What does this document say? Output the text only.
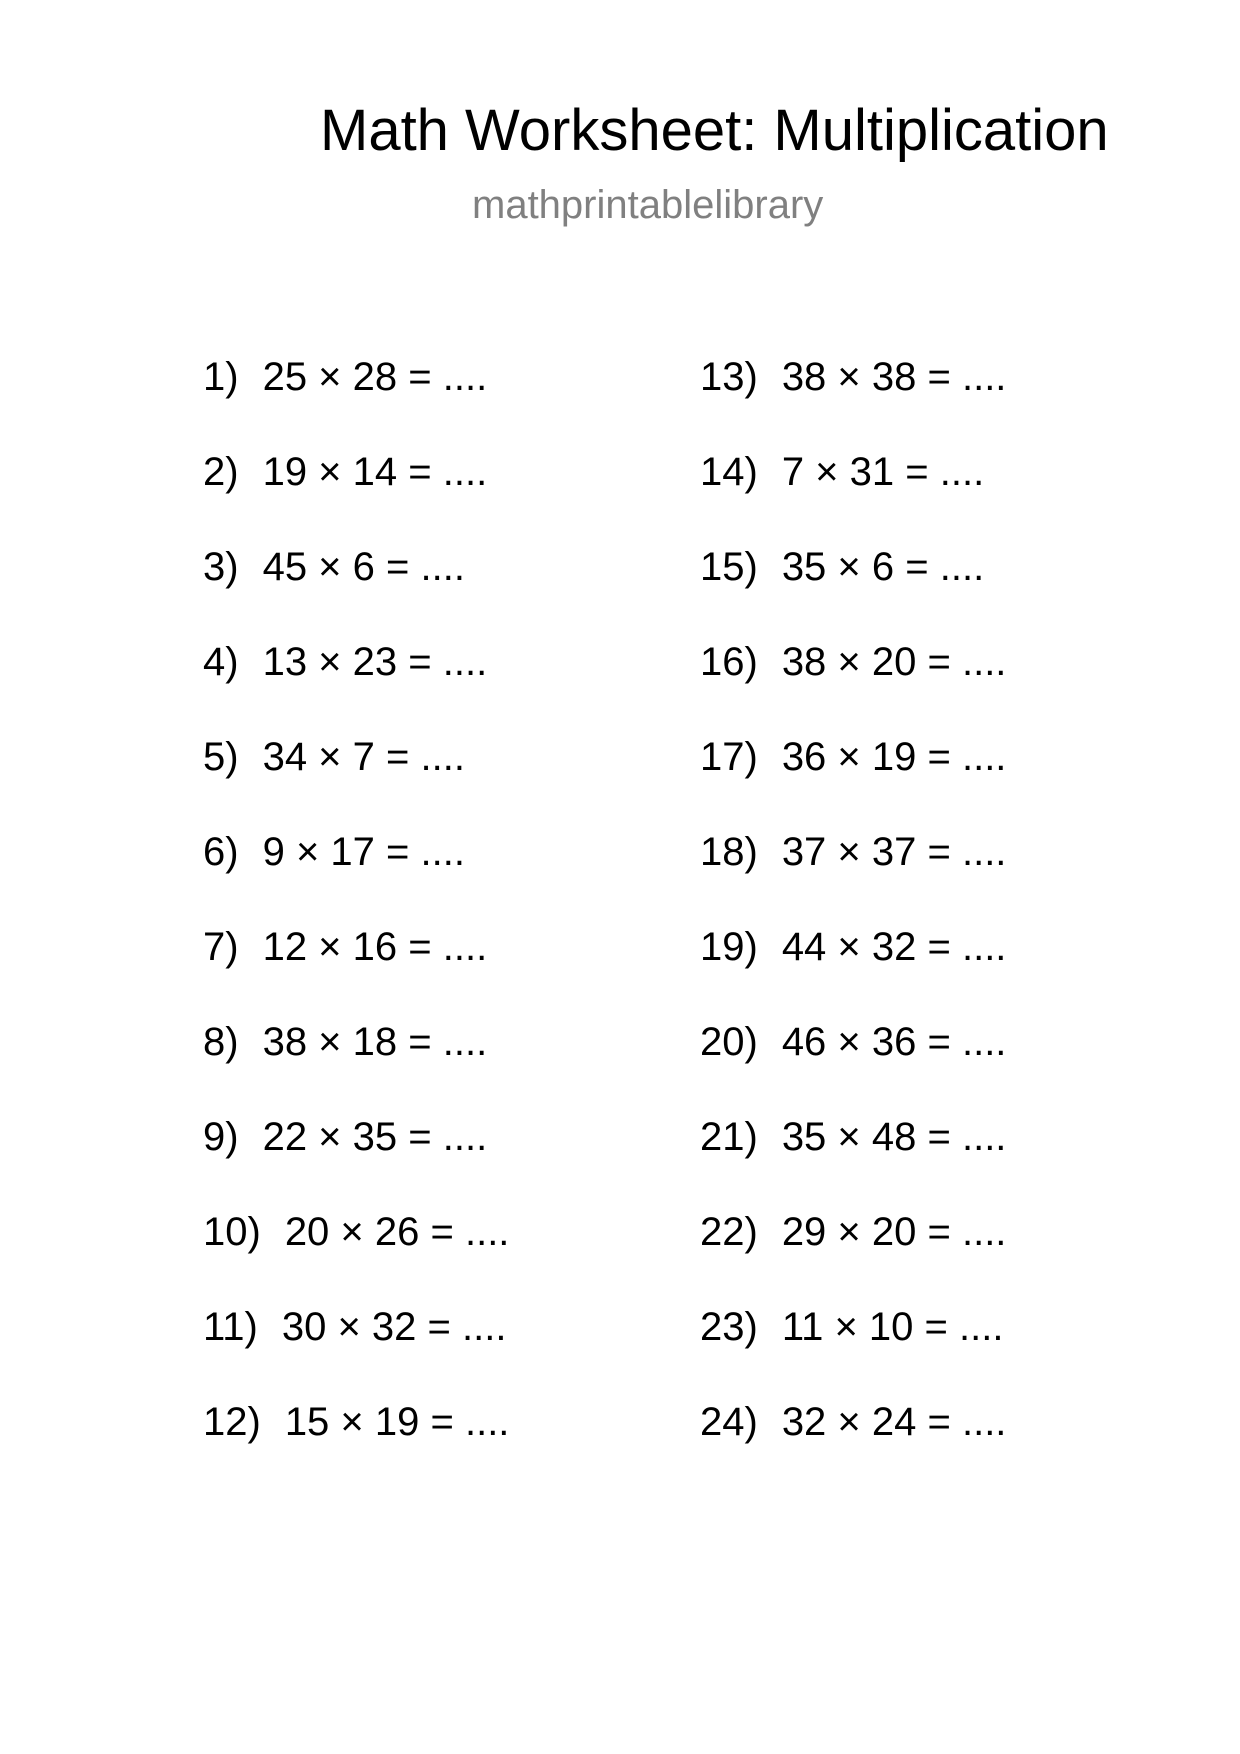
Math Worksheet: Multiplication
mathprintablelibrary
1) 25 × 28 = ....
2) 19 × 14 = ....
3) 45 × 6 = ....
4) 13 × 23 = ....
5) 34 × 7 = ....
6) 9 × 17 = ....
7) 12 × 16 = ....
8) 38 × 18 = ....
9) 22 × 35 = ....
10) 20 × 26 = ....
11) 30 × 32 = ....
12) 15 × 19 = ....
13) 38 × 38 = ....
14) 7 × 31 = ....
15) 35 × 6 = ....
16) 38 × 20 = ....
17) 36 × 19 = ....
18) 37 × 37 = ....
19) 44 × 32 = ....
20) 46 × 36 = ....
21) 35 × 48 = ....
22) 29 × 20 = ....
23) 11 × 10 = ....
24) 32 × 24 = ....
